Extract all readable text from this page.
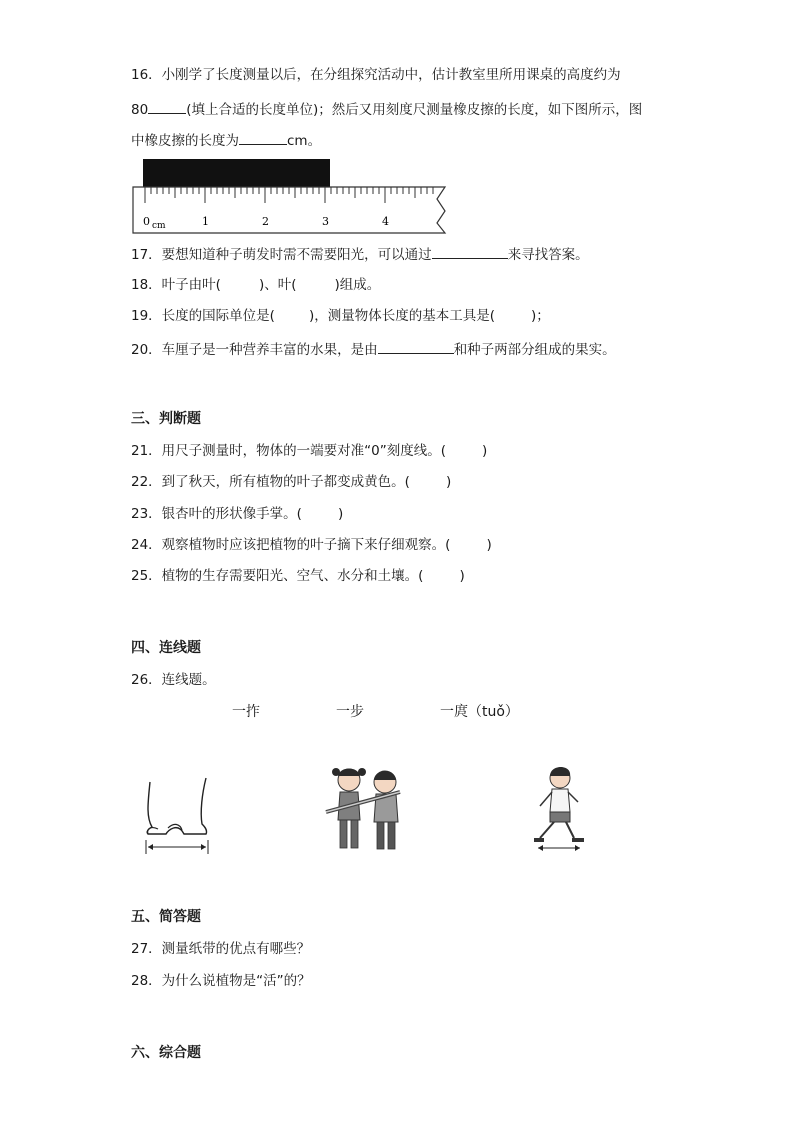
16．小刚学了长度测量以后，在分组探究活动中，估计教室里所用课桌的高度约为
80	(填上合适的长度单位)；然后又用刻度尺测量橡皮擦的长度，如下图所示，图
中橡皮擦的长度为	cm。
0 cm	1	2	3	4
17．要想知道种子萌发时需不需要阳光，可以通过	来寻找答案。
18．叶子由叶(	)、叶(	)组成。
19．长度的国际单位是(	)，测量物体长度的基本工具是(	)；
20．车厘子是一种营养丰富的水果，是由	和种子两部分组成的果实。
三、判断题
21．用尺子测量时，物体的一端要对准“0”刻度线。(	)
22．到了秋天，所有植物的叶子都变成黄色。(	)
23．银杏叶的形状像手掌。(	)
24．观察植物时应该把植物的叶子摘下来仔细观察。(	)
25．植物的生存需要阳光、空气、水分和土壤。(	)
四、连线题
26．连线题。
一拃	一步	一庹（tuǒ）
五、简答题
27．测量纸带的优点有哪些？
28．为什么说植物是“活”的？
六、综合题
